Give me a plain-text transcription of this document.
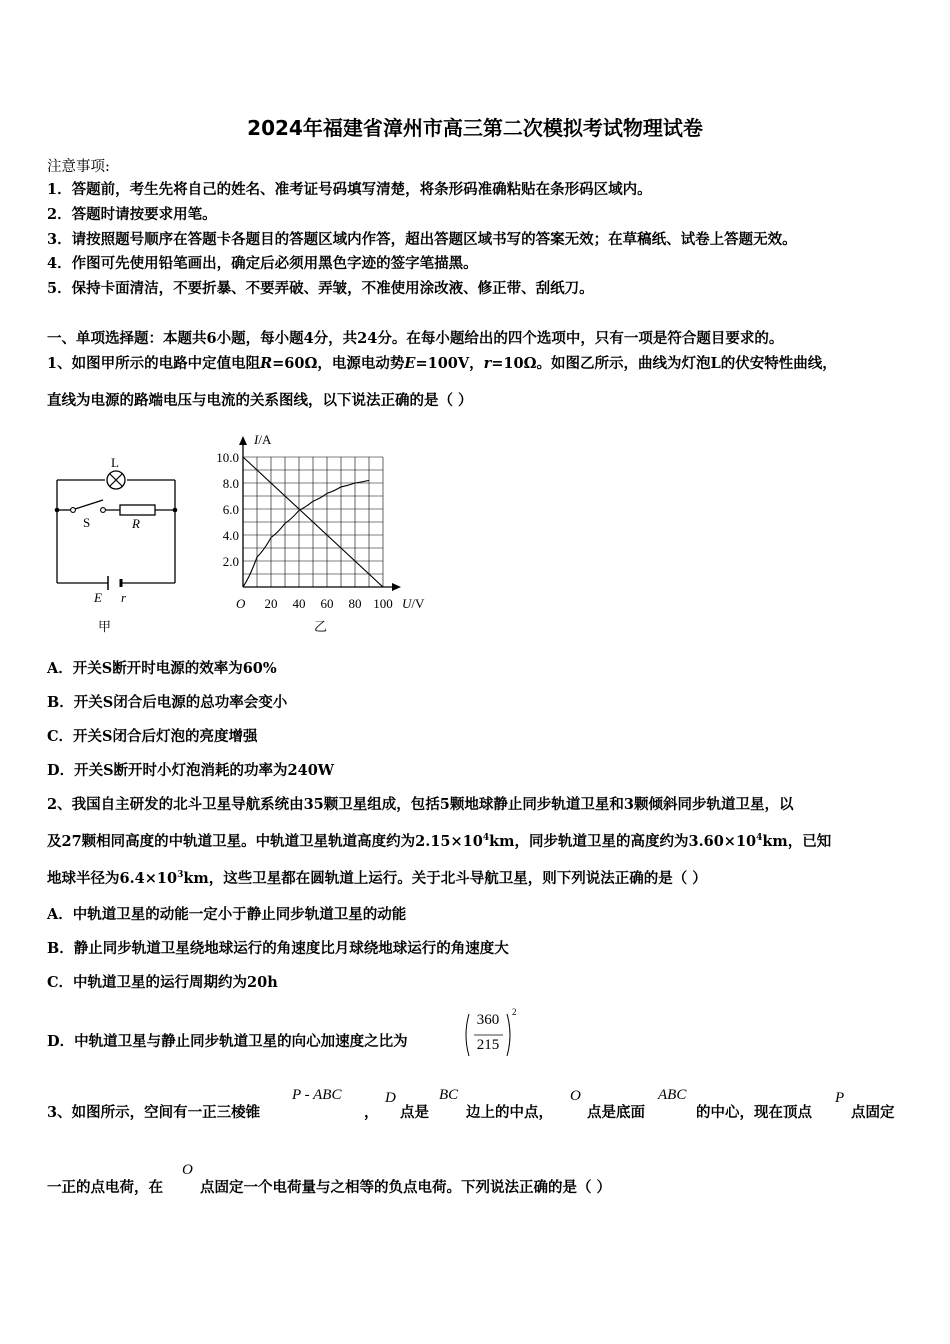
2024年福建省漳州市高三第二次模拟考试物理试卷
注意事项:
1．答题前，考生先将自己的姓名、准考证号码填写清楚，将条形码准确粘贴在条形码区域内。
2．答题时请按要求用笔。
3．请按照题号顺序在答题卡各题目的答题区域内作答，超出答题区域书写的答案无效；在草稿纸、试卷上答题无效。
4．作图可先使用铅笔画出，确定后必须用黑色字迹的签字笔描黑。
5．保持卡面清洁，不要折暴、不要弄破、弄皱，不准使用涂改液、修正带、刮纸刀。
一、单项选择题：本题共6小题，每小题4分，共24分。在每小题给出的四个选项中，只有一项是符合题目要求的。
1、如图甲所示的电路中定值电阻R=60Ω，电源电动势E=100V，r=10Ω。如图乙所示，曲线为灯泡L的伏安特性曲线，
直线为电源的路端电压与电流的关系图线，以下说法正确的是（ ）
L
S	R
E r
甲
2.0
4.0
6.0
8.0
10.0
20 40 60 80 100
I/A
U/V
O
乙
A．开关S断开时电源的效率为60%
B．开关S闭合后电源的总功率会变小
C．开关S闭合后灯泡的亮度增强
D．开关S断开时小灯泡消耗的功率为240W
2、我国自主研发的北斗卫星导航系统由35颗卫星组成，包括5颗地球静止同步轨道卫星和3颗倾斜同步轨道卫星，以
及27颗相同高度的中轨道卫星。中轨道卫星轨道高度约为$2.15\times 10^4km$，同步轨道卫星的高度约为$3.60\times 10^4km$，已知
地球半径为$6.4\times 10^3km$，这些卫星都在圆轨道上运行。关于北斗导航卫星，则下列说法正确的是（ ）
A．中轨道卫星的动能一定小于静止同步轨道卫星的动能
B．静止同步轨道卫星绕地球运行的角速度比月球绕地球运行的角速度大
C．中轨道卫星的运行周期约为20h
D．中轨道卫星与静止同步轨道卫星的向心加速度之比为
360
215
2
3、如图所示，空间有一正三棱锥
P - ABC
，
D
点是
BC
边上的中点，
O
点是底面
ABC
的中心，现在顶点
P
点固定
一正的点电荷，在
O
点固定一个电荷量与之相等的负点电荷。下列说法正确的是（ ）
